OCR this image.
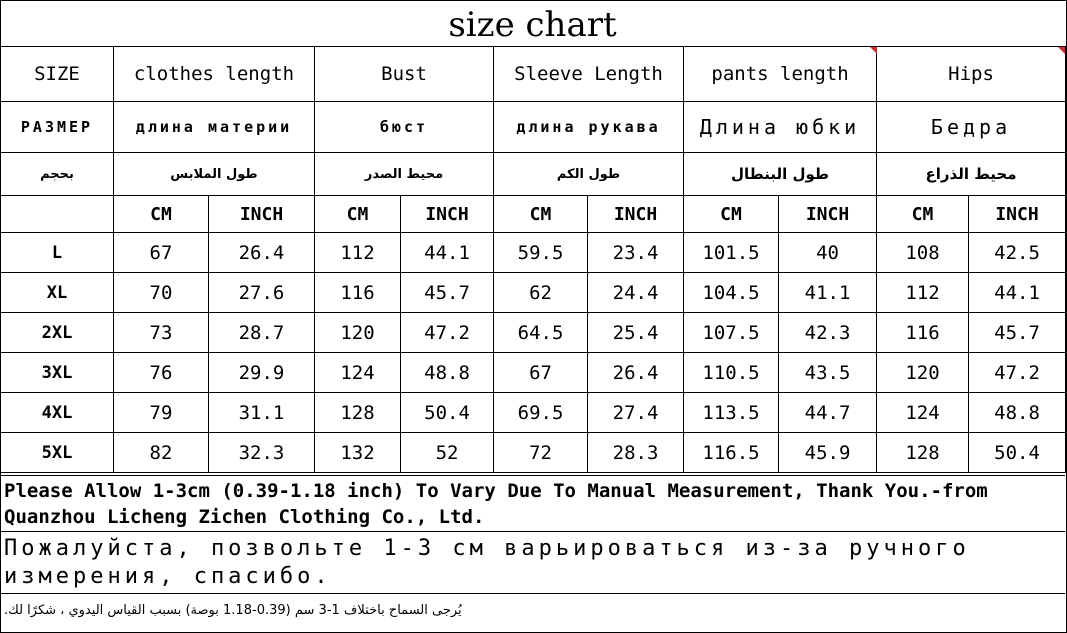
size chart
SIZE	clothes length		Bust		Sleeve Length		pants length		Hips	
РАЗМЕР	длина материи		бюст		длина рукава		Длина юбки		Бедра	
بحجم	طول الملابس		محيط الصدر		طول الكم		طول البنطال		محيط الذراع	
	CM	INCH	CM	INCH	CM	INCH	CM	INCH	CM	INCH
L	67	26.4	112	44.1	59.5	23.4	101.5	40	108	42.5
XL	70	27.6	116	45.7	62	24.4	104.5	41.1	112	44.1
2XL	73	28.7	120	47.2	64.5	25.4	107.5	42.3	116	45.7
3XL	76	29.9	124	48.8	67	26.4	110.5	43.5	120	47.2
4XL	79	31.1	128	50.4	69.5	27.4	113.5	44.7	124	48.8
5XL	82	32.3	132	52	72	28.3	116.5	45.9	128	50.4
Please Allow 1-3cm (0.39-1.18 inch) To Vary Due To Manual Measurement, Thank You.-from Quanzhou Licheng Zichen Clothing Co., Ltd.
Пожалуйста, позвольте 1-3 см варьироваться из-за ручного измерения, спасибо.
يُرجى السماح باختلاف 1-3 سم (0.39-1.18 بوصة) بسبب القياس اليدوي ، شكرًا لك.
